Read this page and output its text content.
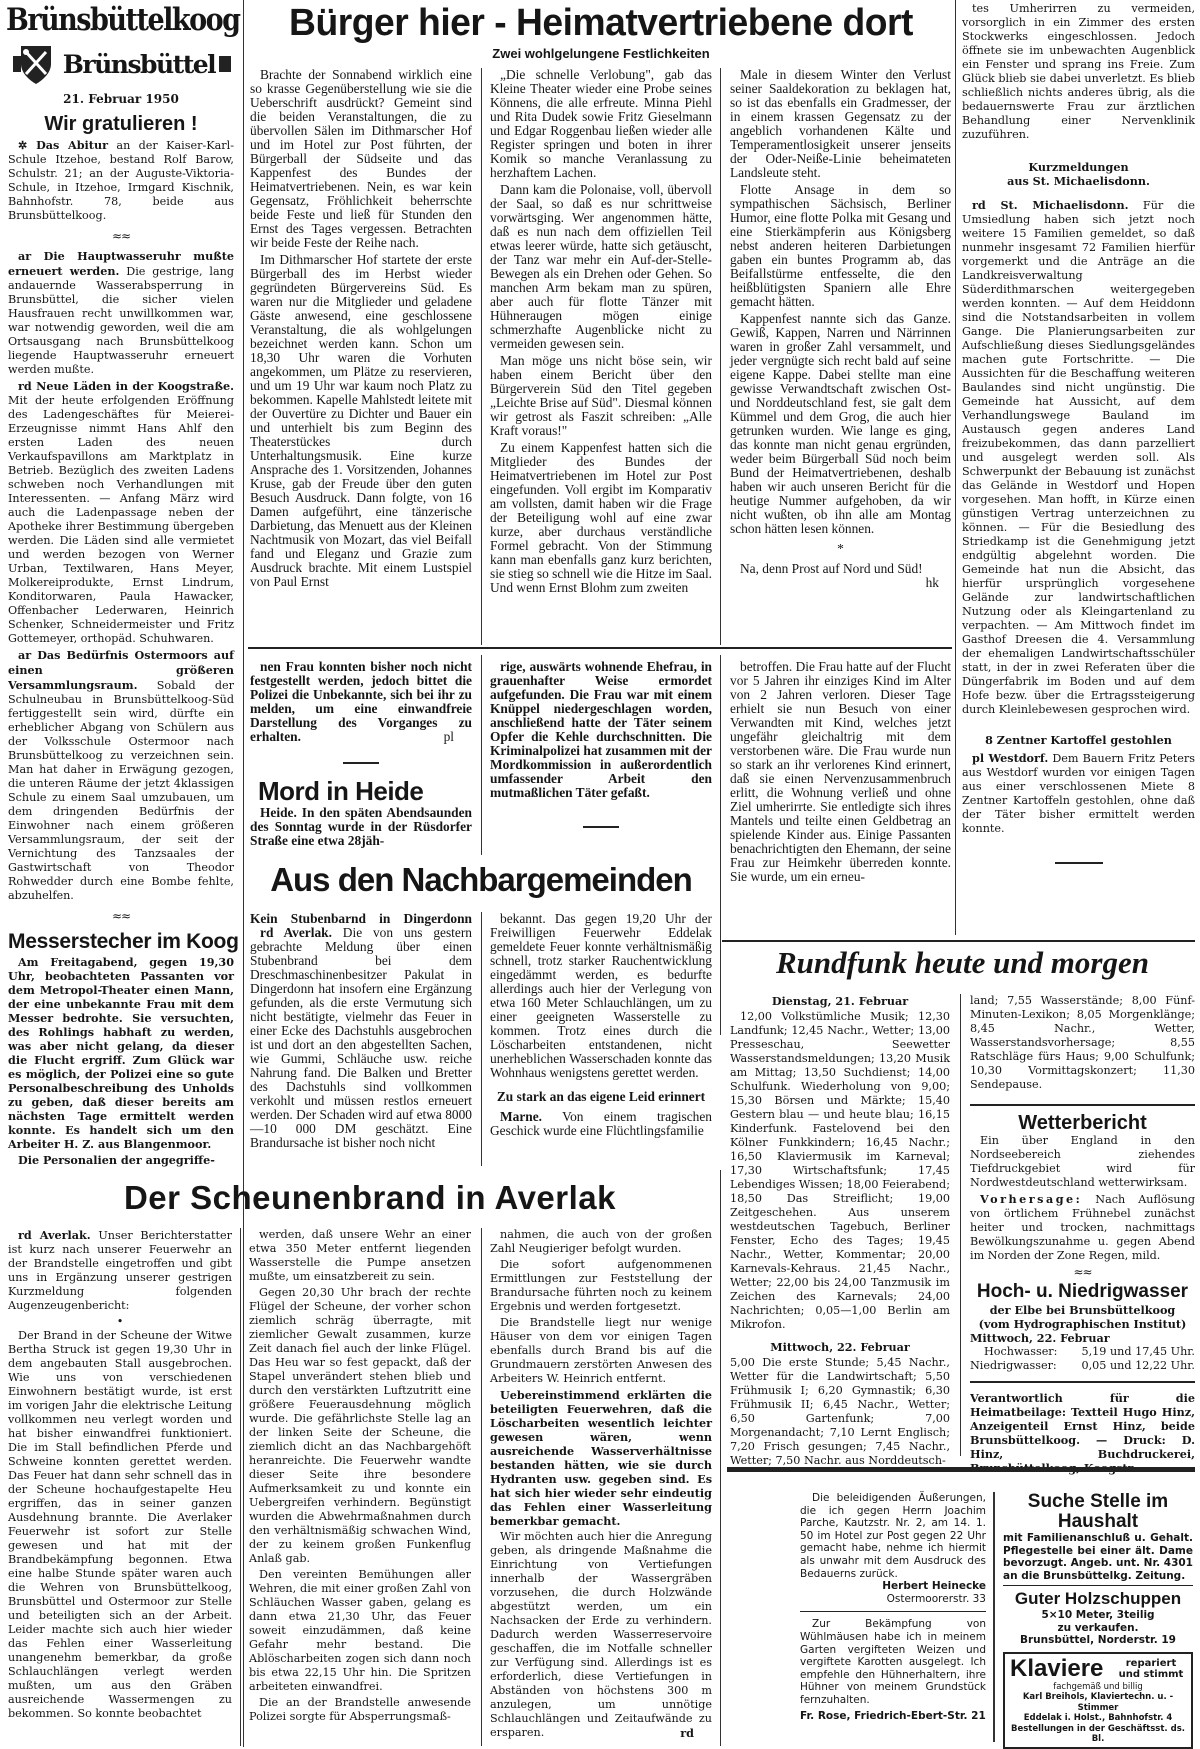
Brünsbüttelkoog
Brünsbüttel
21. Februar 1950
Wir gratulieren !

✲ Das Abitur an der Kaiser-Karl-Schule Itzehoe, bestand Rolf Barow, Schulstr. 21; an der Auguste-Viktoria-Schule, in Itzehoe, Irmgard Kischnik, Bahnhofstr. 78, beide aus Brunsbüttelkoog.

≈≈

ar Die Hauptwasseruhr mußte erneuert werden. Die gestrige, lang andauernde Wasserabsperrung in Brunsbüttel, die sicher vielen Hausfrauen recht unwillkommen war, war notwendig geworden, weil die am Ortsausgang nach Brunsbüttelkoog liegende Hauptwasseruhr erneuert werden mußte.

rd Neue Läden in der Koogstraße. Mit der heute erfolgenden Eröffnung des Ladengeschäftes für Meierei-Erzeugnisse nimmt Hans Ahlf den ersten Laden des neuen Verkaufspavillons am Marktplatz in Betrieb. Bezüglich des zweiten Ladens schweben noch Verhandlungen mit Interessenten. — Anfang März wird auch die Ladenpassage neben der Apotheke ihrer Bestimmung übergeben werden. Die Läden sind alle vermietet und werden bezogen von Werner Urban, Textilwaren, Hans Meyer, Molkereiprodukte, Ernst Lindrum, Konditorwaren, Paula Hawacker, Offenbacher Lederwaren, Heinrich Schenker, Schneidermeister und Fritz Gottemeyer, orthopäd. Schuhwaren.

ar Das Bedürfnis Ostermoors auf einen größeren Versammlungsraum. Sobald der Schulneubau in Brunsbüttelkoog-Süd fertiggestellt sein wird, dürfte ein erheblicher Abgang von Schülern aus der Volksschule Ostermoor nach Brunsbüttelkoog zu verzeichnen sein. Man hat daher in Erwägung gezogen, die unteren Räume der jetzt 4klassigen Schule zu einem Saal umzubauen, um dem dringenden Bedürfnis der Einwohner nach einem größeren Versammlungsraum, der seit der Vernichtung des Tanzsaales der Gastwirtschaft von Theodor Rohwedder durch eine Bombe fehlte, abzuhelfen.

≈≈
Messerstecher im Koog

Am Freitagabend, gegen 19,30 Uhr, beobachteten Passanten vor dem Metropol-Theater einen Mann, der eine unbekannte Frau mit dem Messer bedrohte. Sie versuchten, des Rohlings habhaft zu werden, was aber nicht gelang, da dieser die Flucht ergriff. Zum Glück war es möglich, der Polizei eine so gute Personalbeschreibung des Unholds zu geben, daß dieser bereits am nächsten Tage ermittelt werden konnte. Es handelt sich um den Arbeiter H. Z. aus Blangenmoor.

Die Personalien der angegriffe-

Bürger hier - Heimatvertriebene dort
Zwei wohlgelungene Festlichkeiten

Brachte der Sonnabend wirklich eine so krasse Gegenüberstellung wie sie die Ueberschrift ausdrückt? Gemeint sind die beiden Veranstaltungen, die zu übervollen Sälen im Dithmarscher Hof und im Hotel zur Post führten, der Bürgerball der Südseite und das Kappenfest des Bundes der Heimatvertriebenen. Nein, es war kein Gegensatz, Fröhlichkeit beherrschte beide Feste und ließ für Stunden den Ernst des Tages vergessen. Betrachten wir beide Feste der Reihe nach.

Im Dithmarscher Hof startete der erste Bürgerball des im Herbst wieder gegründeten Bürgervereins Süd. Es waren nur die Mitglieder und geladene Gäste anwesend, eine geschlossene Veranstaltung, die als wohlgelungen bezeichnet werden kann. Schon um 18,30 Uhr waren die Vorhuten angekommen, um Plätze zu reservieren, und um 19 Uhr war kaum noch Platz zu bekommen. Kapelle Mahlstedt leitete mit der Ouvertüre zu Dichter und Bauer ein und unterhielt bis zum Beginn des Theaterstückes durch Unterhaltungsmusik. Eine kurze Ansprache des 1. Vorsitzenden, Johannes Kruse, gab der Freude über den guten Besuch Ausdruck. Dann folgte, von 16 Damen aufgeführt, eine tänzerische Darbietung, das Menuett aus der Kleinen Nachtmusik von Mozart, das viel Beifall fand und Eleganz und Grazie zum Ausdruck brachte. Mit einem Lustspiel von Paul Ernst

„Die schnelle Verlobung", gab das Kleine Theater wieder eine Probe seines Könnens, die alle erfreute. Minna Piehl und Rita Dudek sowie Fritz Gieselmann und Edgar Roggenbau ließen wieder alle Register springen und boten in ihrer Komik so manche Veranlassung zu herzhaftem Lachen.

Dann kam die Polonaise, voll, übervoll der Saal, so daß es nur schrittweise vorwärtsging. Wer angenommen hätte, daß es nun nach dem offiziellen Teil etwas leerer würde, hatte sich getäuscht, der Tanz war mehr ein Auf-der-Stelle-Bewegen als ein Drehen oder Gehen. So manchen Arm bekam man zu spüren, aber auch für flotte Tänzer mit Hühneraugen mögen einige schmerzhafte Augenblicke nicht zu vermeiden gewesen sein.

Man möge uns nicht böse sein, wir haben einem Bericht über den Bürgerverein Süd den Titel gegeben „Leichte Brise auf Süd". Diesmal können wir getrost als Faszit schreiben: „Alle Kraft voraus!"

Zu einem Kappenfest hatten sich die Mitglieder des Bundes der Heimatvertriebenen im Hotel zur Post eingefunden. Voll ergibt im Komparativ am vollsten, damit haben wir die Frage der Beteiligung wohl auf eine zwar kurze, aber durchaus verständliche Formel gebracht. Von der Stimmung kann man ebenfalls ganz kurz berichten, sie stieg so schnell wie die Hitze im Saal. Und wenn Ernst Blohm zum zweiten

Male in diesem Winter den Verlust seiner Saaldekoration zu beklagen hat, so ist das ebenfalls ein Gradmesser, der in einem krassen Gegensatz zu der angeblich vorhandenen Kälte und Temperamentlosigkeit unserer jenseits der Oder-Neiße-Linie beheimateten Landsleute steht.

Flotte Ansage in dem so sympathischen Sächsisch, Berliner Humor, eine flotte Polka mit Gesang und eine Stierkämpferin aus Königsberg nebst anderen heiteren Darbietungen gaben ein buntes Programm ab, das Beifallstürme entfesselte, die den heißblütigsten Spaniern alle Ehre gemacht hätten.

Kappenfest nannte sich das Ganze. Gewiß, Kappen, Narren und Närrinnen waren in großer Zahl versammelt, und jeder vergnügte sich recht bald auf seine eigene Kappe. Dabei stellte man eine gewisse Verwandtschaft zwischen Ost- und Norddeutschland fest, sie galt dem Kümmel und dem Grog, die auch hier getrunken wurden. Wie lange es ging, das konnte man nicht genau ergründen, weder beim Bürgerball Süd noch beim Bund der Heimatvertriebenen, deshalb haben wir auch unseren Bericht für die heutige Nummer aufgehoben, da wir nicht wußten, ob ihn alle am Montag schon hätten lesen können.

*

Na, denn Prost auf Nord und Süd!
hk

tes Umherirren zu vermeiden, vorsorglich in ein Zimmer des ersten Stockwerks eingeschlossen. Jedoch öffnete sie im unbewachten Augenblick ein Fenster und sprang ins Freie. Zum Glück blieb sie dabei unverletzt. Es blieb schließlich nichts anderes übrig, als die bedauernswerte Frau zur ärztlichen Behandlung einer Nervenklinik zuzuführen.

Kurzmeldungen
aus St. Michaelisdonn.

rd St. Michaelisdonn. Für die Umsiedlung haben sich jetzt noch weitere 15 Familien gemeldet, so daß nunmehr insgesamt 72 Familien hierfür vorgemerkt und die Anträge an die Landkreisverwaltung Süderdithmarschen weitergegeben werden konnten. — Auf dem Heiddonn sind die Notstandsarbeiten in vollem Gange. Die Planierungsarbeiten zur Aufschließung dieses Siedlungsgeländes machen gute Fortschritte. — Die Aussichten für die Beschaffung weiteren Baulandes sind nicht ungünstig. Die Gemeinde hat Aussicht, auf dem Verhandlungswege Bauland im Austausch gegen anderes Land freizubekommen, das dann parzelliert und ausgelegt werden soll. Als Schwerpunkt der Bebauung ist zunächst das Gelände in Westdorf und Hopen vorgesehen. Man hofft, in Kürze einen günstigen Vertrag unterzeichnen zu können. — Für die Besiedlung des Striedkamp ist die Genehmigung jetzt endgültig abgelehnt worden. Die Gemeinde hat nun die Absicht, das hierfür ursprünglich vorgesehene Gelände zur landwirtschaftlichen Nutzung oder als Kleingartenland zu verpachten. — Am Mittwoch findet im Gasthof Dreesen die 4. Versammlung der ehemaligen Landwirtschaftsschüler statt, in der in zwei Referaten über die Düngerfabrik im Boden und auf dem Hofe bezw. über die Ertragssteigerung durch Kleinlebewesen gesprochen wird.

8 Zentner Kartoffel gestohlen

pl Westdorf. Dem Bauern Fritz Peters aus Westdorf wurden vor einigen Tagen aus einer verschlossenen Miete 8 Zentner Kartoffeln gestohlen, ohne daß der Täter bisher ermittelt werden konnte.

nen Frau konnten bisher noch nicht festgestellt werden, jedoch bittet die Polizei die Unbekannte, sich bei ihr zu melden, um eine einwandfreie Darstellung des Vorganges zu erhalten.	pl
Mord in Heide

Heide. In den späten Abendsaunden des Sonntag wurde in der Rüsdorfer Straße eine etwa 28jäh-

rige, auswärts wohnende Ehefrau, in grauenhafter Weise ermordet aufgefunden. Die Frau war mit einem Knüppel niedergeschlagen worden, anschließend hatte der Täter seinem Opfer die Kehle durchschnitten. Die Kriminalpolizei hat zusammen mit der Mordkommission in außerordentlich umfassender Arbeit den mutmaßlichen Täter gefaßt.

betroffen. Die Frau hatte auf der Flucht vor 5 Jahren ihr einziges Kind im Alter von 2 Jahren verloren. Dieser Tage erhielt sie nun Besuch von einer Verwandten mit Kind, welches jetzt ungefähr gleichaltrig mit dem verstorbenen wäre. Die Frau wurde nun so stark an ihr verlorenes Kind erinnert, daß sie einen Nervenzusammenbruch erlitt, die Wohnung verließ und ohne Ziel umherirrte. Sie entledigte sich ihres Mantels und teilte einen Geldbetrag an spielende Kinder aus. Einige Passanten benachrichtigten den Ehemann, der seine Frau zur Heimkehr überreden konnte. Sie wurde, um ein erneu-

Aus den Nachbargemeinden
Kein Stubenbarnd in Dingerdonn

rd Averlak. Die von uns gestern gebrachte Meldung über einen Stubenbrand bei dem Dreschmaschinenbesitzer Pakulat in Dingerdonn hat insofern eine Ergänzung gefunden, als die erste Vermutung sich nicht bestätigte, vielmehr das Feuer in einer Ecke des Dachstuhls ausgebrochen ist und dort an den abgestellten Sachen, wie Gummi, Schläuche usw. reiche Nahrung fand. Die Balken und Bretter des Dachstuhls sind vollkommen verkohlt und müssen restlos erneuert werden. Der Schaden wird auf etwa 8000—10 000 DM geschätzt. Eine Brandursache ist bisher noch nicht

bekannt. Das gegen 19,20 Uhr der Freiwilligen Feuerwehr Eddelak gemeldete Feuer konnte verhältnismäßig schnell, trotz starker Rauchentwicklung eingedämmt werden, es bedurfte allerdings auch hier der Verlegung von etwa 160 Meter Schlauchlängen, um zu einer geeigneten Wasserstelle zu kommen. Trotz eines durch die Löscharbeiten entstandenen, nicht unerheblichen Wasserschaden konnte das Wohnhaus wenigstens gerettet werden.

Zu stark an das eigene Leid erinnert

Marne. Von einem tragischen Geschick wurde eine Flüchtlingsfamilie

Rundfunk heute und morgen
Dienstag, 21. Februar

12,00 Volkstümliche Musik; 12,30 Landfunk; 12,45 Nachr., Wetter; 13,00 Presseschau, Seewetter Wasserstandsmeldungen; 13,20 Musik am Mittag; 13,50 Suchdienst; 14,00 Schulfunk. Wiederholung von 9,00; 15,30 Börsen und Märkte; 15,40 Gestern blau — und heute blau; 16,15 Kinderfunk. Fastelovend bei den Kölner Funkkindern; 16,45 Nachr.; 16,50 Klaviermusik im Karneval; 17,30 Wirtschaftsfunk; 17,45 Lebendiges Wissen; 18,00 Feierabend; 18,50 Das Streiflicht; 19,00 Zeitgeschehen. Aus unserem westdeutschen Tagebuch, Berliner Fenster, Echo des Tages; 19,45 Nachr., Wetter, Kommentar; 20,00 Karnevals-Kehraus. 21,45 Nachr., Wetter; 22,00 bis 24,00 Tanzmusik im Zeichen des Karnevals; 24,00 Nachrichten; 0,05—1,00 Berlin am Mikrofon.

Mittwoch, 22. Februar

5,00 Die erste Stunde; 5,45 Nachr., Wetter für die Landwirtschaft; 5,50 Frühmusik I; 6,20 Gymnastik; 6,30 Frühmusik II; 6,45 Nachr., Wetter; 6,50 Gartenfunk; 7,00 Morgenandacht; 7,10 Lernt Englisch; 7,20 Frisch gesungen; 7,45 Nachr., Wetter; 7,50 Nachr. aus Norddeutsch-

land; 7,55 Wasserstände; 8,00 Fünf-Minuten-Lexikon; 8,05 Morgenklänge; 8,45 Nachr., Wetter, Wasserstandsvorhersage; 8,55 Ratschläge fürs Haus; 9,00 Schulfunk; 10,30 Vormittagskonzert; 11,30 Sendepause.

Wetterbericht

Ein über England in den Nordseebereich ziehendes Tiefdruckgebiet wird für Nordwestdeutschland wetterwirksam.

Vorhersage: Nach Auflösung von örtlichem Frühnebel zunächst heiter und trocken, nachmittags Bewölkungszunahme u. gegen Abend im Norden der Zone Regen, mild.

≈≈
Hoch- u. Niedrigwasser
der Elbe bei Brunsbüttelkoog
(vom Hydrographischen Institut)
Mittwoch, 22. Februar
Hochwasser: 5,19 und 17,45 Uhr.
Niedrigwasser: 0,05 und 12,22 Uhr.

Verantwortlich für die Heimatbeilage: Textteil Hugo Hinz, Anzeigenteil Ernst Hinz, beide Brunsbüttelkoog. — Druck: D. Hinz, Buchdruckerei,

Der Scheunenbrand in Averlak

rd Averlak. Unser Berichterstatter ist kurz nach unserer Feuerwehr an der Brandstelle eingetroffen und gibt uns in Ergänzung unserer gestrigen Kurzmeldung folgenden Augenzeugenbericht:

•

Der Brand in der Scheune der Witwe Bertha Struck ist gegen 19,30 Uhr in dem angebauten Stall ausgebrochen. Wie uns von verschiedenen Einwohnern bestätigt wurde, ist erst im vorigen Jahr die elektrische Leitung vollkommen neu verlegt worden und hat bisher einwandfrei funktioniert. Die im Stall befindlichen Pferde und Schweine konnten gerettet werden. Das Feuer hat dann sehr schnell das in der Scheune hochaufgestapelte Heu ergriffen, das in seiner ganzen Ausdehnung brannte. Die Averlaker Feuerwehr ist sofort zur Stelle gewesen und hat mit der Brandbekämpfung begonnen. Etwa eine halbe Stunde später waren auch die Wehren von Brunsbüttelkoog, Brunsbüttel und Ostermoor zur Stelle und beteiligten sich an der Arbeit. Leider machte sich auch hier wieder das Fehlen einer Wasserleitung unangenehm bemerkbar, da große Schlauchlängen verlegt werden mußten, um aus den Gräben ausreichende Wassermengen zu bekommen. So konnte beobachtet

werden, daß unsere Wehr an einer etwa 350 Meter entfernt liegenden Wasserstelle die Pumpe ansetzen mußte, um einsatzbereit zu sein.

Gegen 20,30 Uhr brach der rechte Flügel der Scheune, der vorher schon ziemlich schräg überragte, mit ziemlicher Gewalt zusammen, kurze Zeit danach fiel auch der linke Flügel. Das Heu war so fest gepackt, daß der Stapel unverändert stehen blieb und durch den verstärkten Luftzutritt eine größere Feuerausdehnung möglich wurde. Die gefährlichste Stelle lag an der linken Seite der Scheune, die ziemlich dicht an das Nachbargehöft heranreichte. Die Feuerwehr wandte dieser Seite ihre besondere Aufmerksamkeit zu und konnte ein Uebergreifen verhindern. Begünstigt wurden die Abwehrmaßnahmen durch den verhältnismäßig schwachen Wind, der zu keinem großen Funkenflug Anlaß gab.

Den vereinten Bemühungen aller Wehren, die mit einer großen Zahl von Schläuchen Wasser gaben, gelang es dann etwa 21,30 Uhr, das Feuer soweit einzudämmen, daß keine Gefahr mehr bestand. Die Ablöscharbeiten zogen sich dann noch bis etwa 22,15 Uhr hin. Die Spritzen arbeiteten einwandfrei.

Die an der Brandstelle anwesende Polizei sorgte für Absperrungsmaß-

nahmen, die auch von der großen Zahl Neugieriger befolgt wurden.

Die sofort aufgenommenen Ermittlungen zur Feststellung der Brandursache führten noch zu keinem Ergebnis und werden fortgesetzt.

Die Brandstelle liegt nur wenige Häuser von dem vor einigen Tagen ebenfalls durch Brand bis auf die Grundmauern zerstörten Anwesen des Arbeiters W. Heinrich entfernt.

Uebereinstimmend erklärten die beteiligten Feuerwehren, daß die Löscharbeiten wesentlich leichter gewesen wären, wenn ausreichende Wasserverhältnisse bestanden hätten, wie sie durch Hydranten usw. gegeben sind. Es hat sich hier wieder sehr eindeutig das Fehlen einer Wasserleitung bemerkbar gemacht.

Wir möchten auch hier die Anregung geben, als dringende Maßnahme die Einrichtung von Vertiefungen innerhalb der Wassergräben vorzusehen, die durch Holzwände abgestützt werden, um ein Nachsacken der Erde zu verhindern. Dadurch werden Wasserreservoire geschaffen, die im Notfalle schneller zur Verfügung sind. Allerdings ist es erforderlich, diese Vertiefungen in Abständen von höchstens 300 m anzulegen, um unnötige Schlauchlängen und Zeitaufwände zu ersparen.	rd

Die beleidigenden Äußerungen, die ich gegen Herrn Joachim Parche, Kautzstr. Nr. 2, am 14. 1. 50 im Hotel zur Post gegen 22 Uhr gemacht habe, nehme ich hiermit als unwahr mit dem Ausdruck des Bedauerns zurück.

Herbert Heinecke
Ostermoorerstr. 33

Zur Bekämpfung von Wühlmäusen habe ich in meinem Garten vergifteten Weizen und vergiftete Karotten ausgelegt. Ich empfehle den Hühnerhaltern, ihre Hühner von meinem Grundstück fernzuhalten.

Fr. Rose, Friedrich-Ebert-Str. 21
Suche Stelle im Haushalt
mit Familienanschluß u. Gehalt. Pflegestelle bei einer ält. Dame bevorzugt. Angeb. unt. Nr. 4301 an die Brunsbüttelkg. Zeitung.
Guter Holzschuppen
5×10 Meter, 3teilig
zu verkaufen.
Brunsbüttel, Norderstr. 19
Klaviere	repariert und stimmt
fachgemäß und billig
Karl Breihols, Klaviertechn. u. -Stimmer
Eddelak i. Holst., Bahnhofstr. 4
Bestellungen in der Geschäftsst. ds. Bl.
